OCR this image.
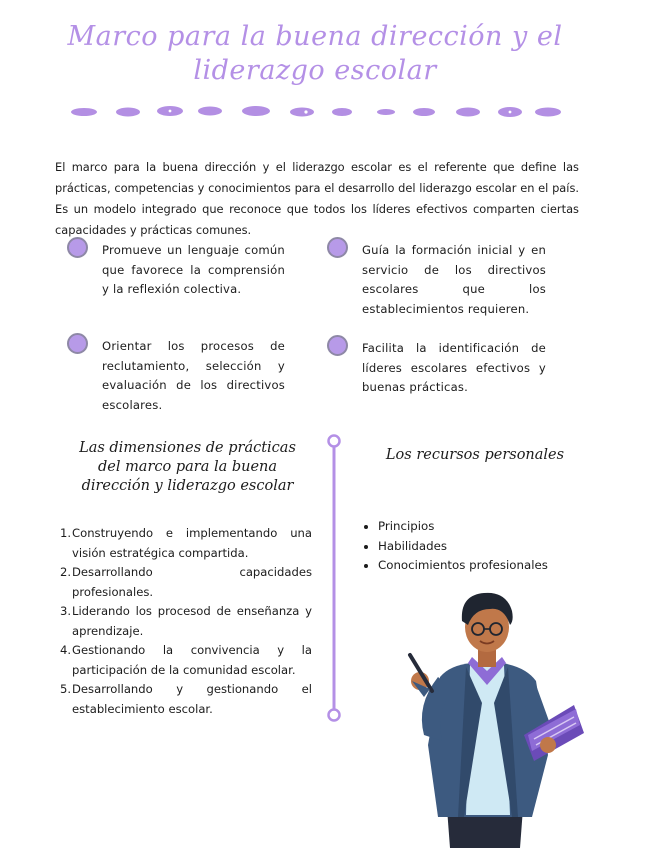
Marco para la buena dirección y el
liderazgo escolar

El marco para la buena dirección y el liderazgo escolar es el referente que define las prácticas, competencias y conocimientos para el desarrollo del liderazgo escolar en el país. Es un modelo integrado que reconoce que todos los líderes efectivos comparten ciertas capacidades y prácticas comunes.

Promueve un lenguaje común que favorece la comprensión y la reflexión colectiva.

Guía la formación inicial y en servicio de los directivos escolares que los establecimientos requieren.

Orientar los procesos de reclutamiento, selección y evaluación de los directivos escolares.

Facilita la identificación de líderes escolares efectivos y buenas prácticas.

Las dimensiones de prácticas
del marco para la buena
dirección y liderazgo escolar
Los recursos personales
1. Construyendo e implementando una visión estratégica compartida.
2. Desarrollando capacidades profesionales.
3. Liderando los procesod de enseñanza y aprendizaje.
4. Gestionando la convivencia y la participación de la comunidad escolar.
5. Desarrollando y gestionando el establecimiento escolar.
Principios
Habilidades
Conocimientos profesionales
